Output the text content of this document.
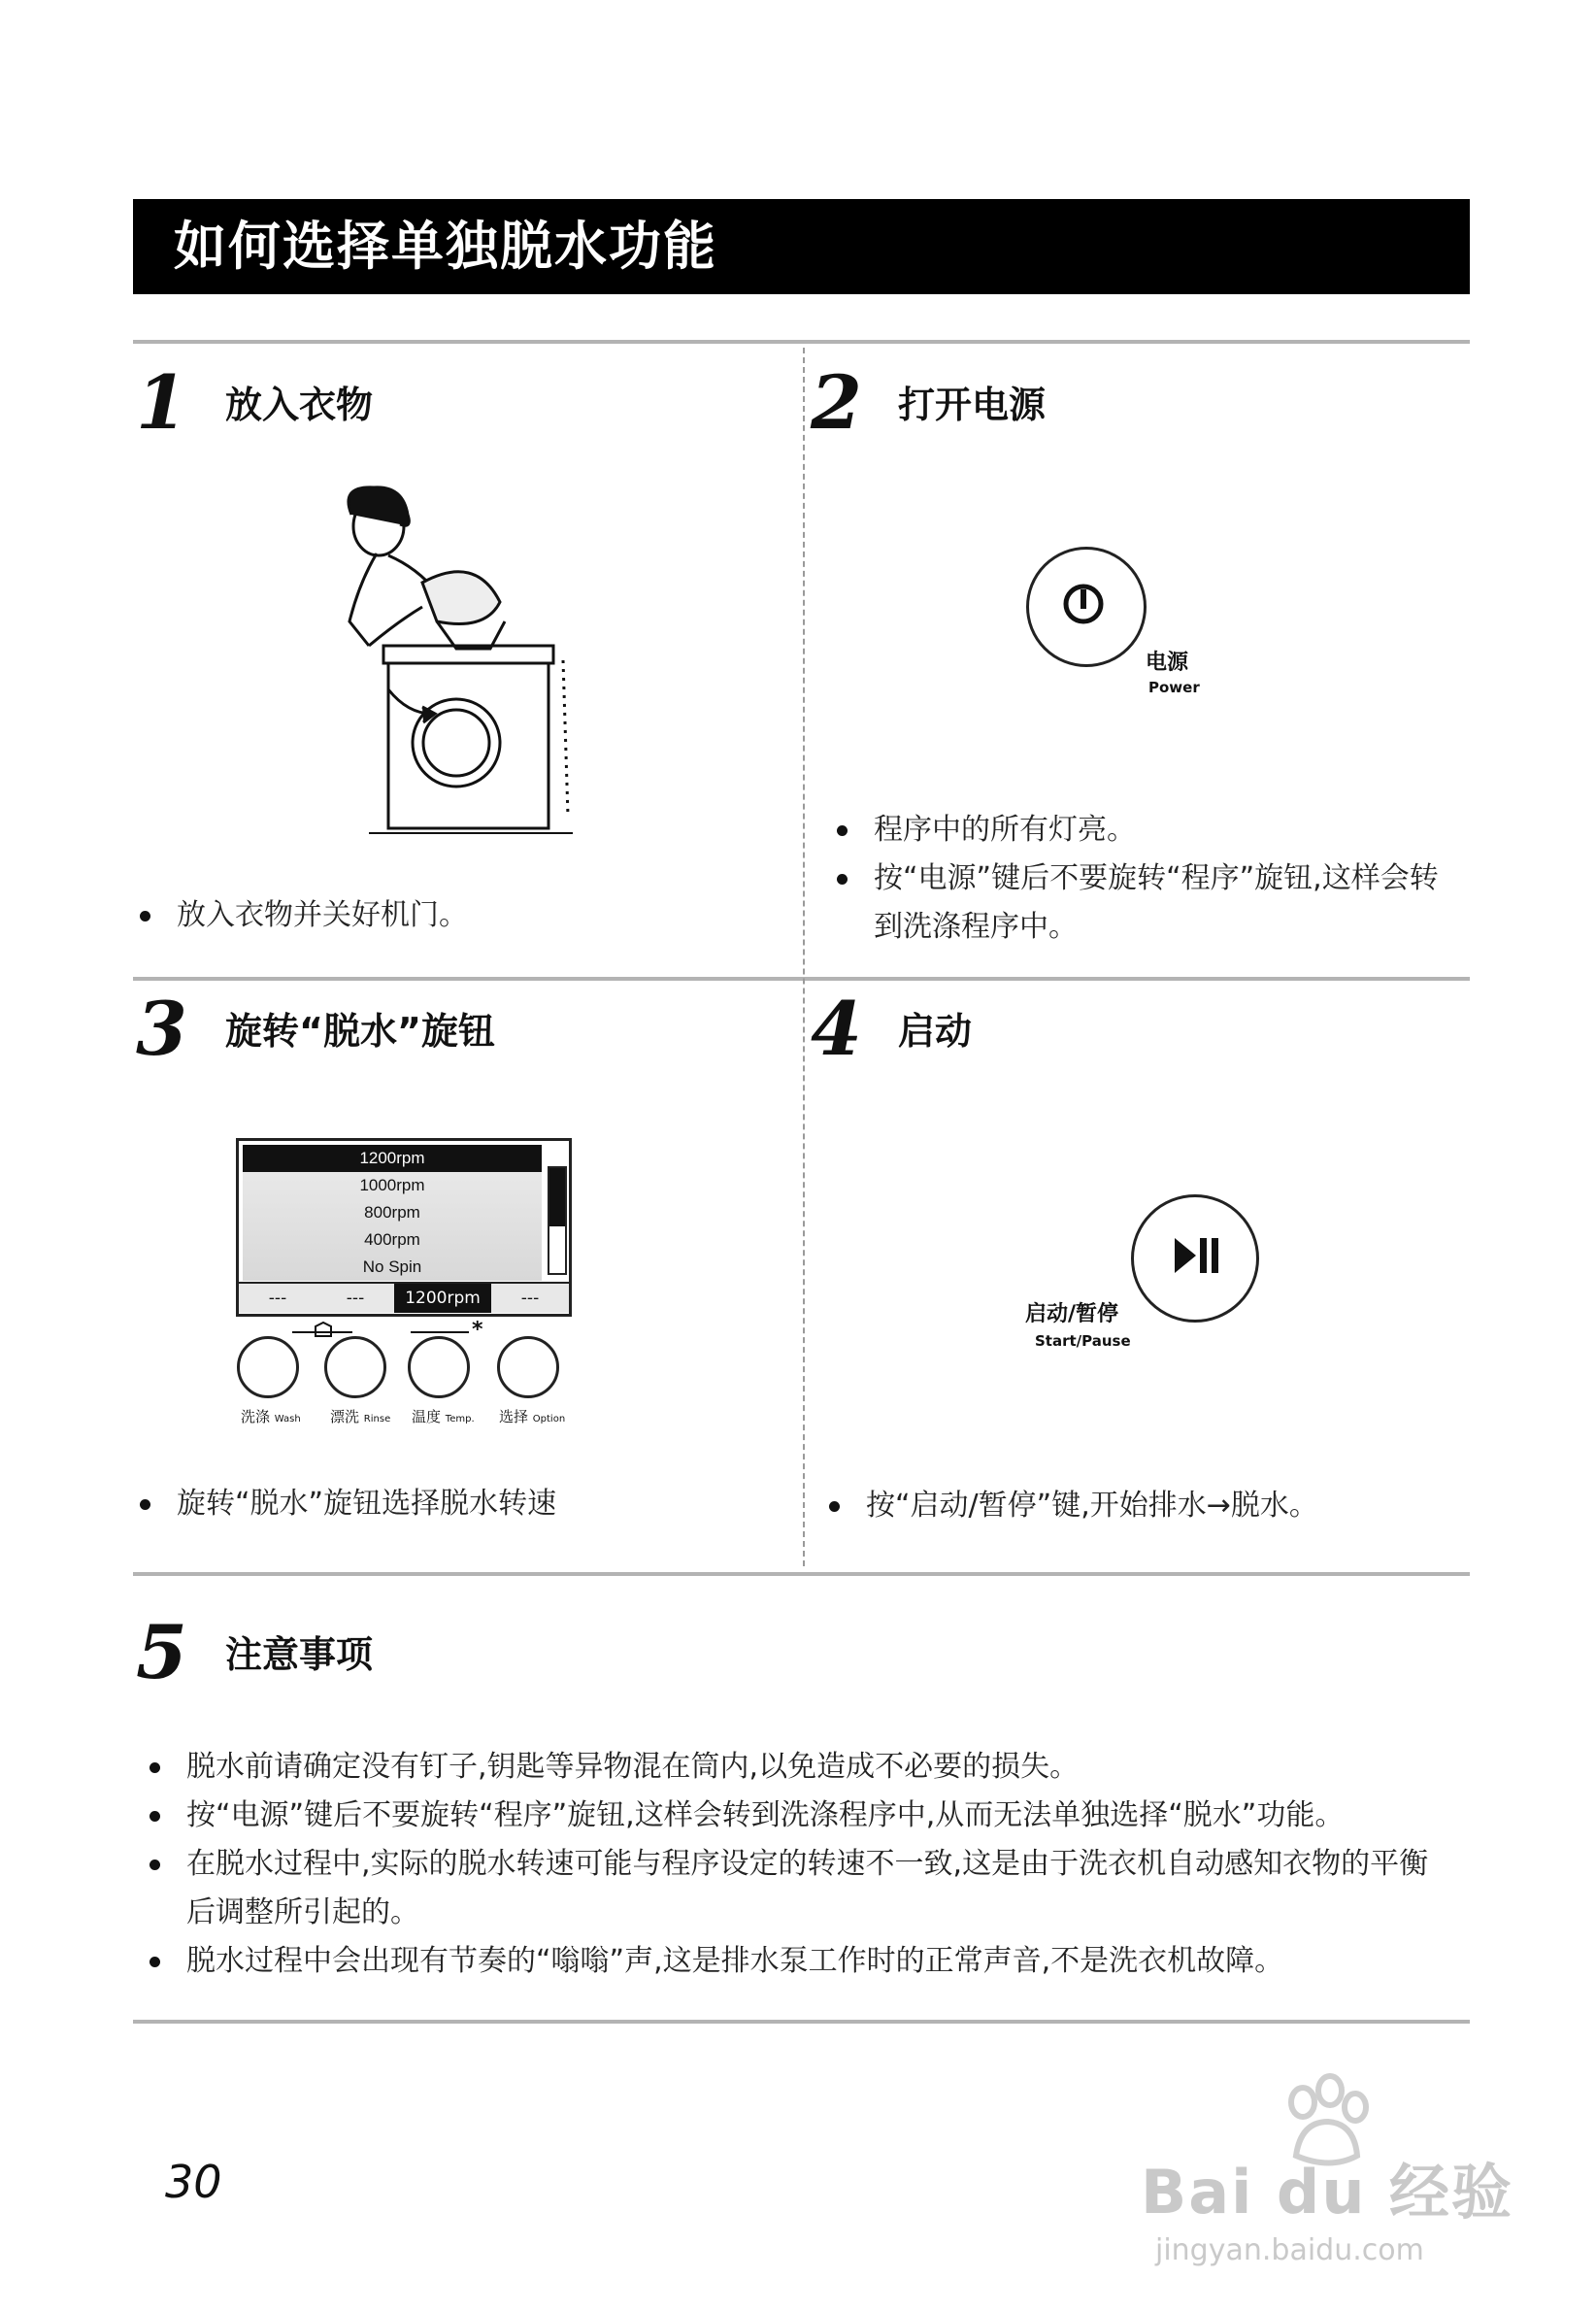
如何选择单独脱水功能
1 放入衣物
放入衣物并关好机门。
2 打开电源
电源
Power
程序中的所有灯亮。
按“电源”键后不要旋转“程序”旋钮,这样会转到洗涤程序中。
3 旋转“脱水”旋钮
1200rpm
1000rpm
800rpm
400rpm
No Spin
---	---	1200rpm	---
*
洗涤 Wash 漂洗 Rinse 温度 Temp. 选择 Option
旋转“脱水”旋钮选择脱水转速
4 启动
启动/暂停
Start/Pause
按“启动/暂停”键,开始排水→脱水。
5 注意事项
脱水前请确定没有钉子,钥匙等异物混在筒内,以免造成不必要的损失。
按“电源”键后不要旋转“程序”旋钮,这样会转到洗涤程序中,从而无法单独选择“脱水”功能。
在脱水过程中,实际的脱水转速可能与程序设定的转速不一致,这是由于洗衣机自动感知衣物的平衡后调整所引起的。
脱水过程中会出现有节奏的“嗡嗡”声,这是排水泵工作时的正常声音,不是洗衣机故障。
30	Bai du 经验
jingyan.baidu.com
